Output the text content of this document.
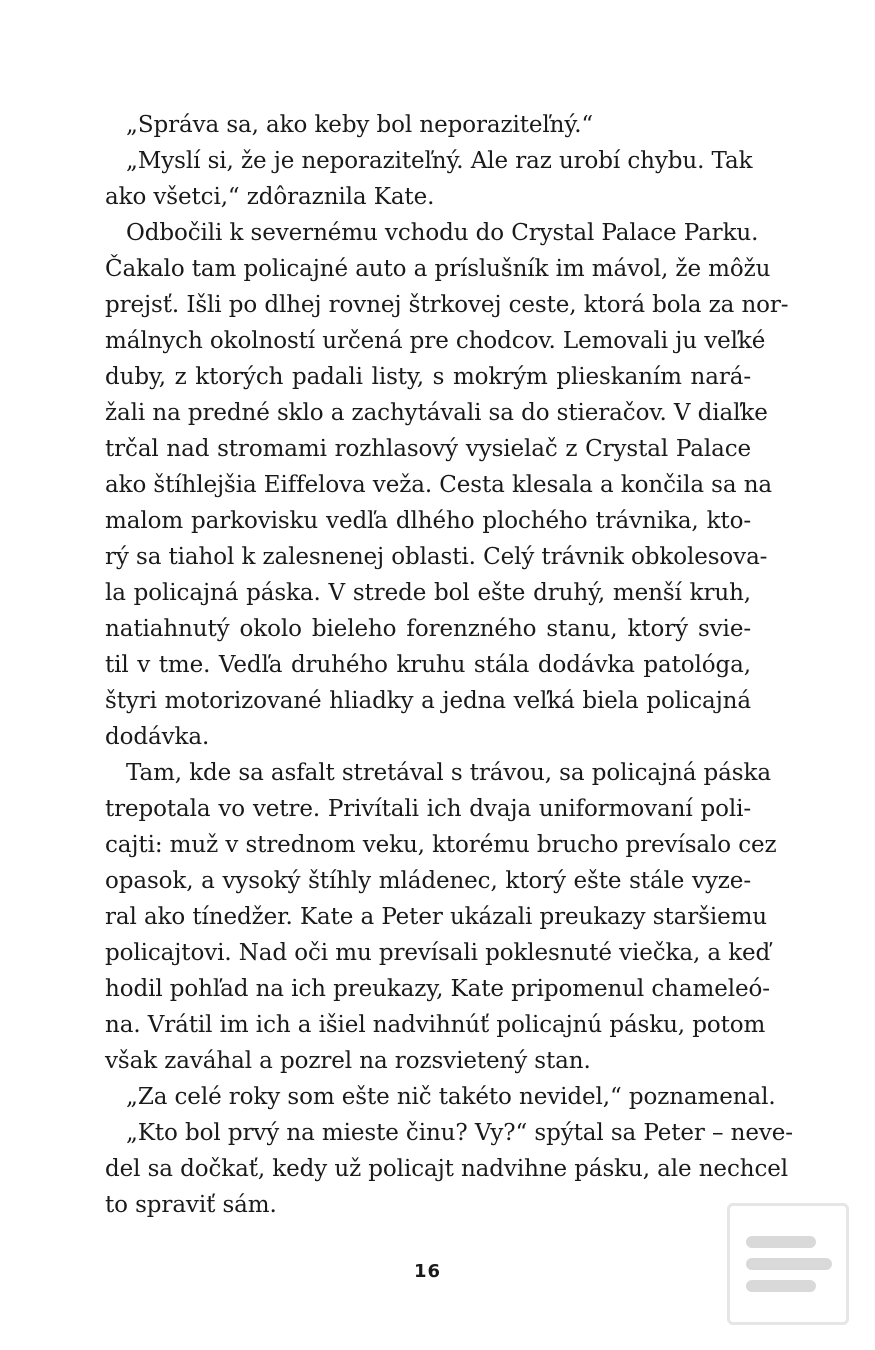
„Správa sa, ako keby bol neporaziteľný.“
„Myslí si, že je neporaziteľný. Ale raz urobí chybu. Tak
ako všetci,“ zdôraznila Kate.
Odbočili k severnému vchodu do Crystal Palace Parku.
Čakalo tam policajné auto a príslušník im mávol, že môžu
prejsť. Išli po dlhej rovnej štrkovej ceste, ktorá bola za nor-
málnych okolností určená pre chodcov. Lemovali ju veľké
duby, z ktorých padali listy, s mokrým plieskaním nará-
žali na predné sklo a zachytávali sa do stieračov. V diaľke
trčal nad stromami rozhlasový vysielač z Crystal Palace
ako štíhlejšia Eiffelova veža. Cesta klesala a končila sa na
malom parkovisku vedľa dlhého plochého trávnika, kto-
rý sa tiahol k zalesnenej oblasti. Celý trávnik obkolesova-
la policajná páska. V strede bol ešte druhý, menší kruh,
natiahnutý okolo bieleho forenzného stanu, ktorý svie-
til v tme. Vedľa druhého kruhu stála dodávka patológa,
štyri motorizované hliadky a jedna veľká biela policajná
dodávka.
Tam, kde sa asfalt stretával s trávou, sa policajná páska
trepotala vo vetre. Privítali ich dvaja uniformovaní poli-
cajti: muž v strednom veku, ktorému brucho prevísalo cez
opasok, a vysoký štíhly mládenec, ktorý ešte stále vyze-
ral ako tínedžer. Kate a Peter ukázali preukazy staršiemu
policajtovi. Nad oči mu prevísali poklesnuté viečka, a keď
hodil pohľad na ich preukazy, Kate pripomenul chameleó-
na. Vrátil im ich a išiel nadvihnúť policajnú pásku, potom
však zaváhal a pozrel na rozsvietený stan.
„Za celé roky som ešte nič takéto nevidel,“ poznamenal.
„Kto bol prvý na mieste činu? Vy?“ spýtal sa Peter – neve-
del sa dočkať, kedy už policajt nadvihne pásku, ale nechcel
to spraviť sám.
16
